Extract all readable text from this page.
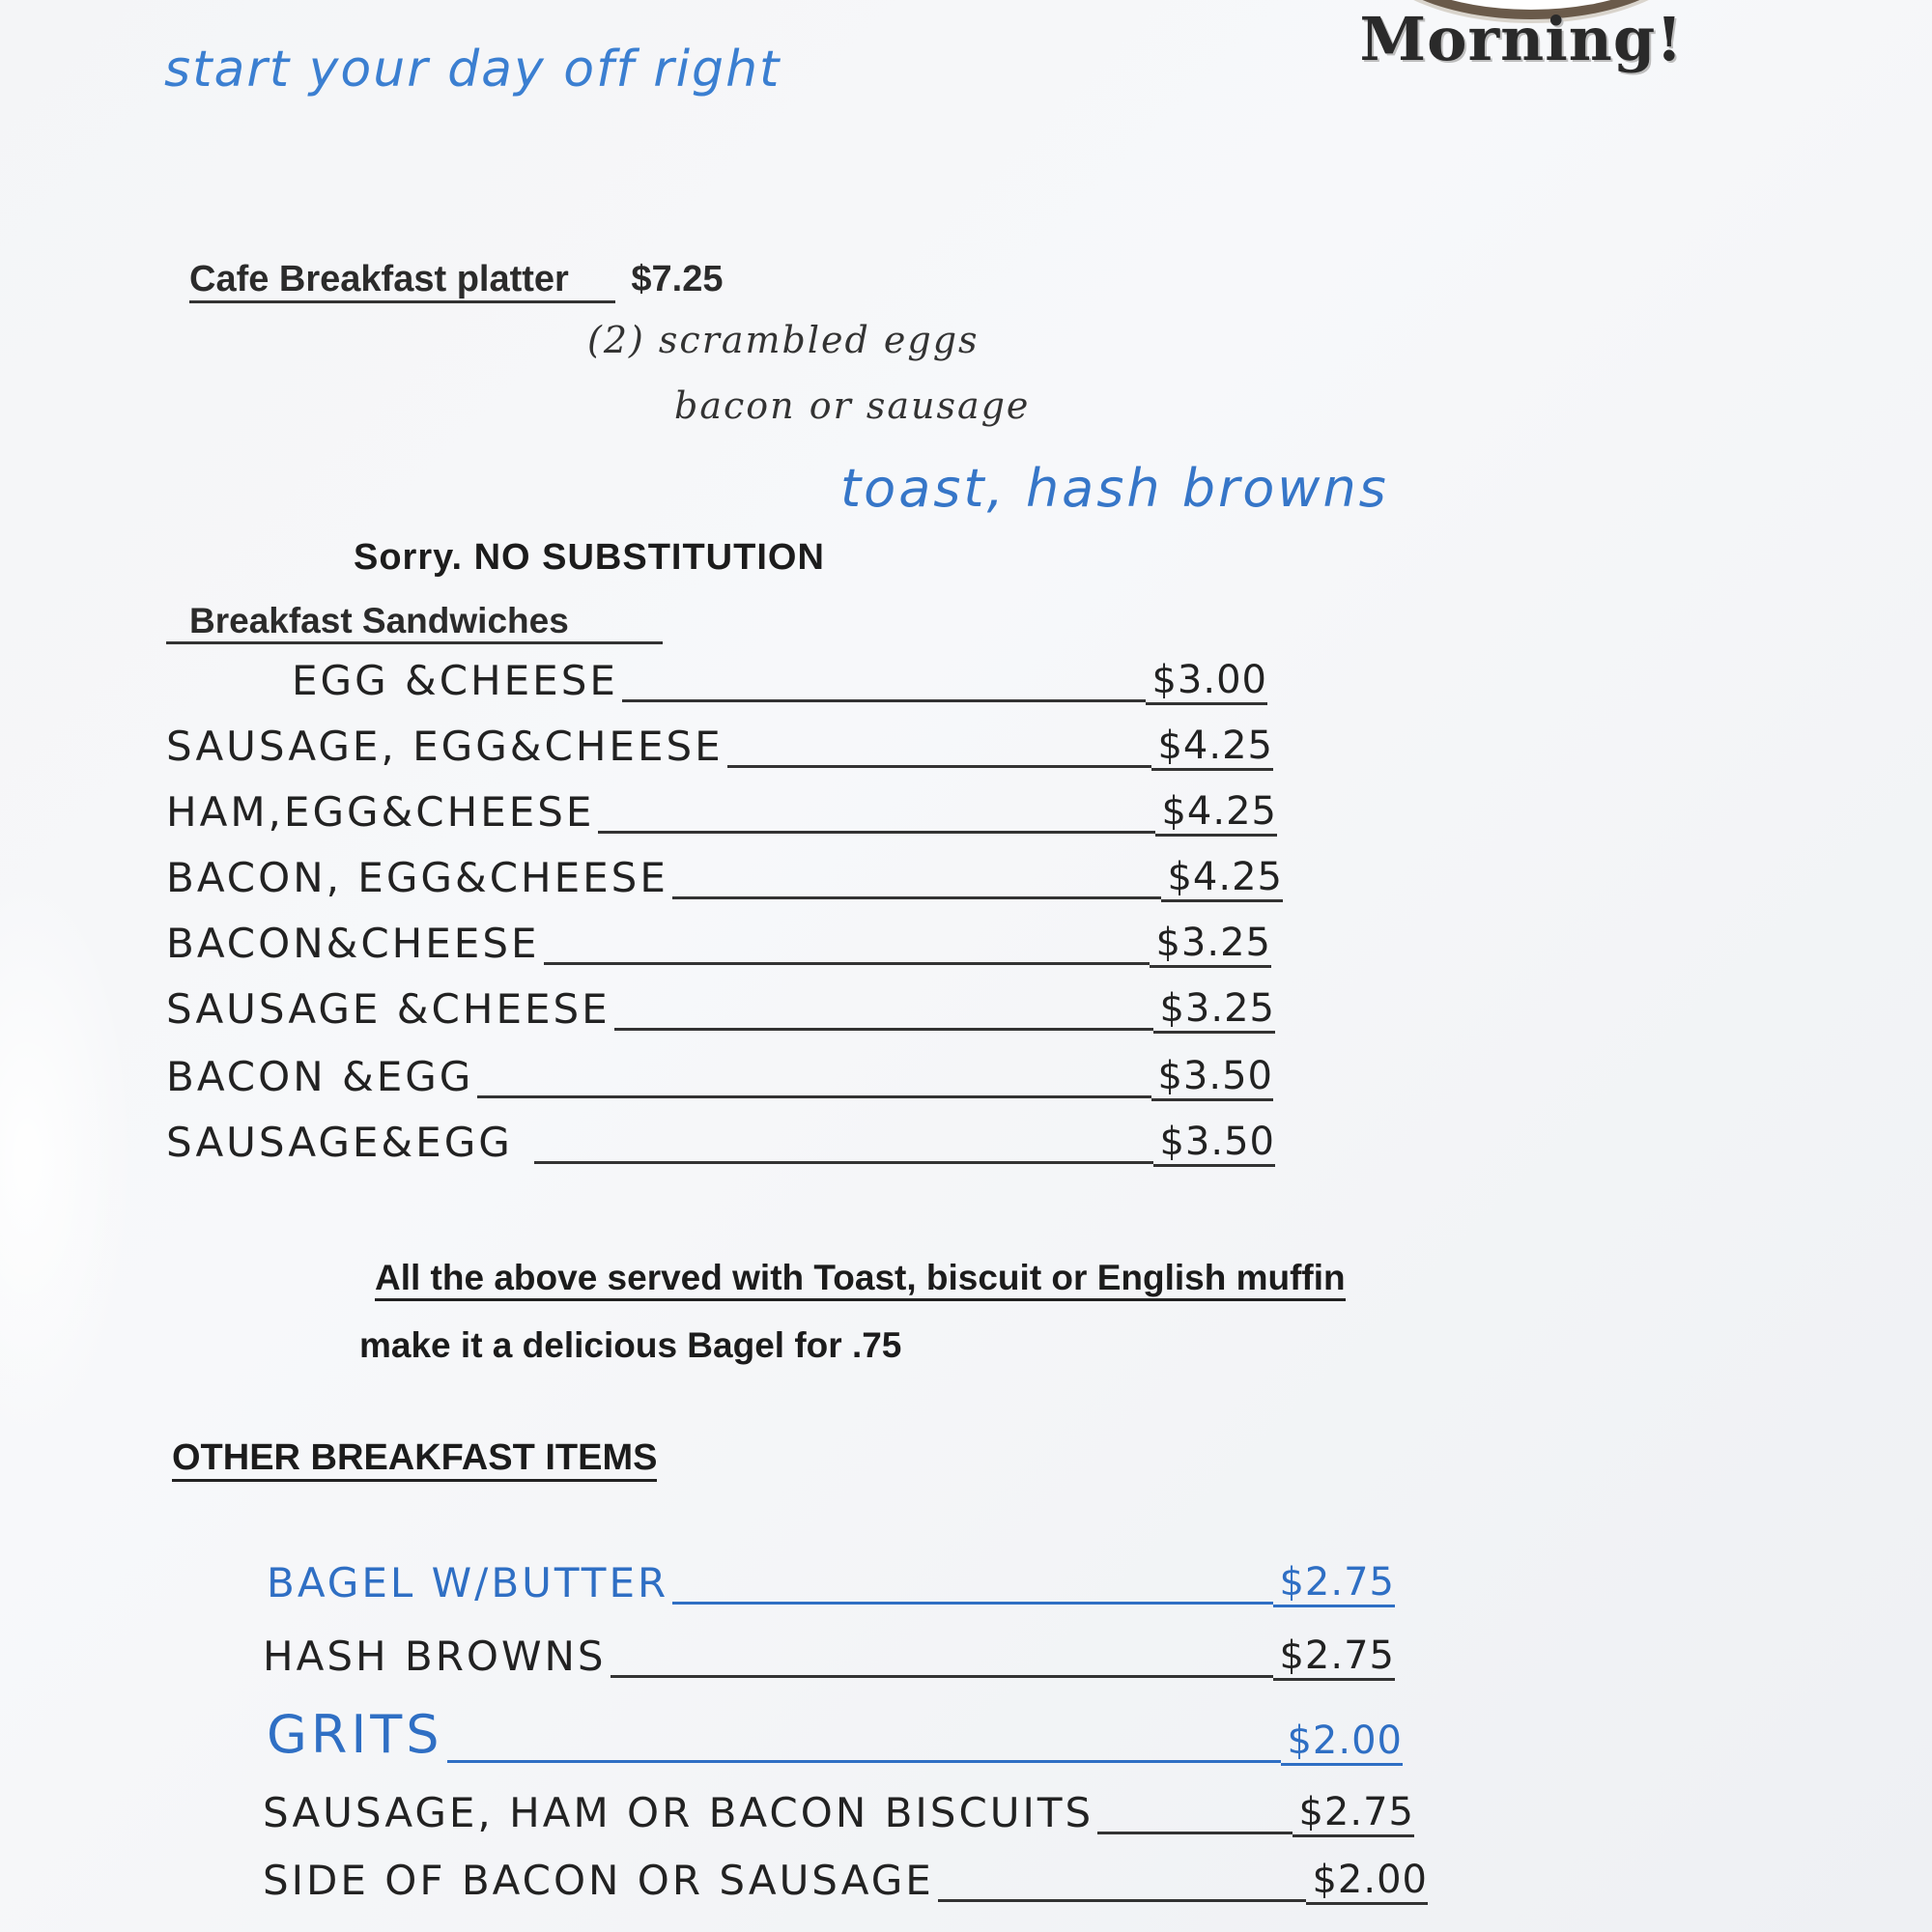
Morning!
start your day off right
Cafe Breakfast platter $7.25
(2) scrambled eggs
bacon or sausage
toast, hash browns
Sorry. NO SUBSTITUTION
Breakfast Sandwiches
EGG &CHEESE	$3.00
SAUSAGE, EGG&CHEESE	$4.25
HAM,EGG&CHEESE	$4.25
BACON, EGG&CHEESE	$4.25
BACON&CHEESE	$3.25
SAUSAGE &CHEESE	$3.25
BACON &EGG	$3.50
SAUSAGE&EGG	$3.50
All the above served with Toast, biscuit or English muffin
make it a delicious Bagel for .75
OTHER BREAKFAST ITEMS
BAGEL W/BUTTER	$2.75
HASH BROWNS	$2.75
GRITS	$2.00
SAUSAGE, HAM OR BACON BISCUITS	$2.75
SIDE OF BACON OR SAUSAGE	$2.00
